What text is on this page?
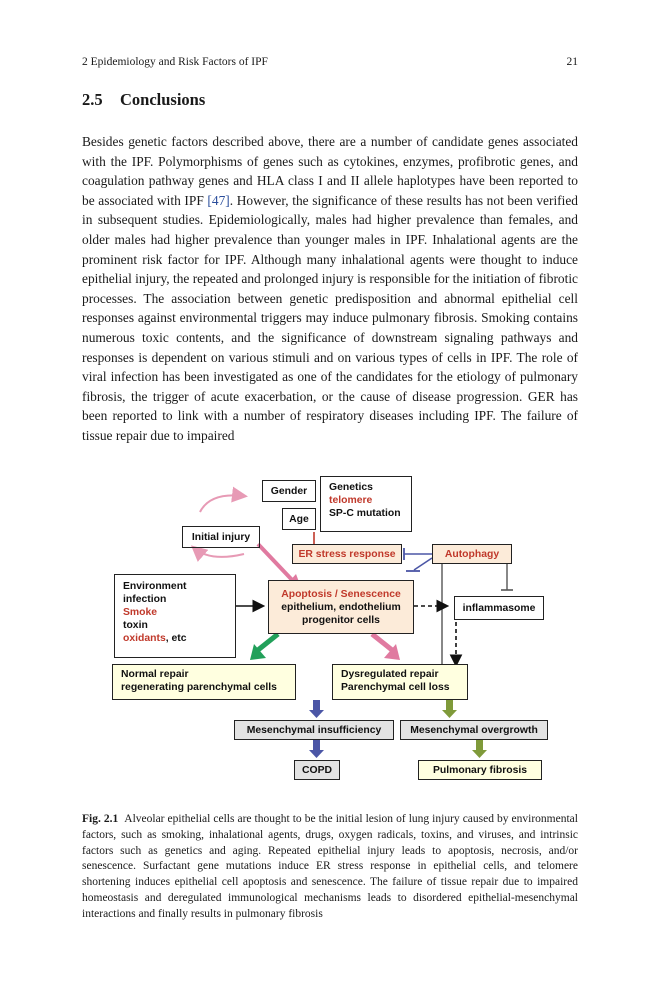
2 Epidemiology and Risk Factors of IPF	21
2.5 Conclusions

Besides genetic factors described above, there are a number of candidate genes associated with the IPF. Polymorphisms of genes such as cytokines, enzymes, profibrotic genes, and coagulation pathway genes and HLA class I and II allele haplotypes have been reported to be associated with IPF [47]. However, the significance of these results has not been verified in subsequent studies. Epidemiologically, males had higher prevalence than females, and older males had higher prevalence than younger males in IPF. Inhalational agents are the prominent risk factor for IPF. Although many inhalational agents were thought to induce epithelial injury, the repeated and prolonged injury is responsible for the initiation of fibrotic processes. The association between genetic predisposition and abnormal epithelial cell responses against environmental triggers may induce pulmonary fibrosis. Smoking contains numerous toxic contents, and the significance of downstream signaling pathways and responses is dependent on various stimuli and on various types of cells in IPF. The role of viral infection has been investigated as one of the candidates for the etiology of pulmonary fibrosis, the trigger of acute exacerbation, or the cause of disease progression. GER has been reported to link with a number of respiratory diseases including IPF. The failure of tissue repair due to impaired

Gender
Age
Genetics
telomere
SP-C mutation
Initial injury
ER stress response	Autophagy
Environment
infection
Smoke
toxin
oxidants, etc
Apoptosis / Senescence
epithelium, endothelium
progenitor cells
inflammasome
Normal repair
regenerating parenchymal cells
Dysregulated repair
Parenchymal cell loss
Mesenchymal insufficiency	Mesenchymal overgrowth
COPD	Pulmonary fibrosis

Fig. 2.1 Alveolar epithelial cells are thought to be the initial lesion of lung injury caused by environmental factors, such as smoking, inhalational agents, drugs, oxygen radicals, toxins, and viruses, and intrinsic factors such as genetics and aging. Repeated epithelial injury leads to apoptosis, necrosis, and/or senescence. Surfactant gene mutations induce ER stress response in epithelial cells, and telomere shortening induces epithelial cell apoptosis and senescence. The failure of tissue repair due to impaired homeostasis and deregulated immunological mechanisms leads to disordered epithelial-mesenchymal interactions and finally results in pulmonary fibrosis
